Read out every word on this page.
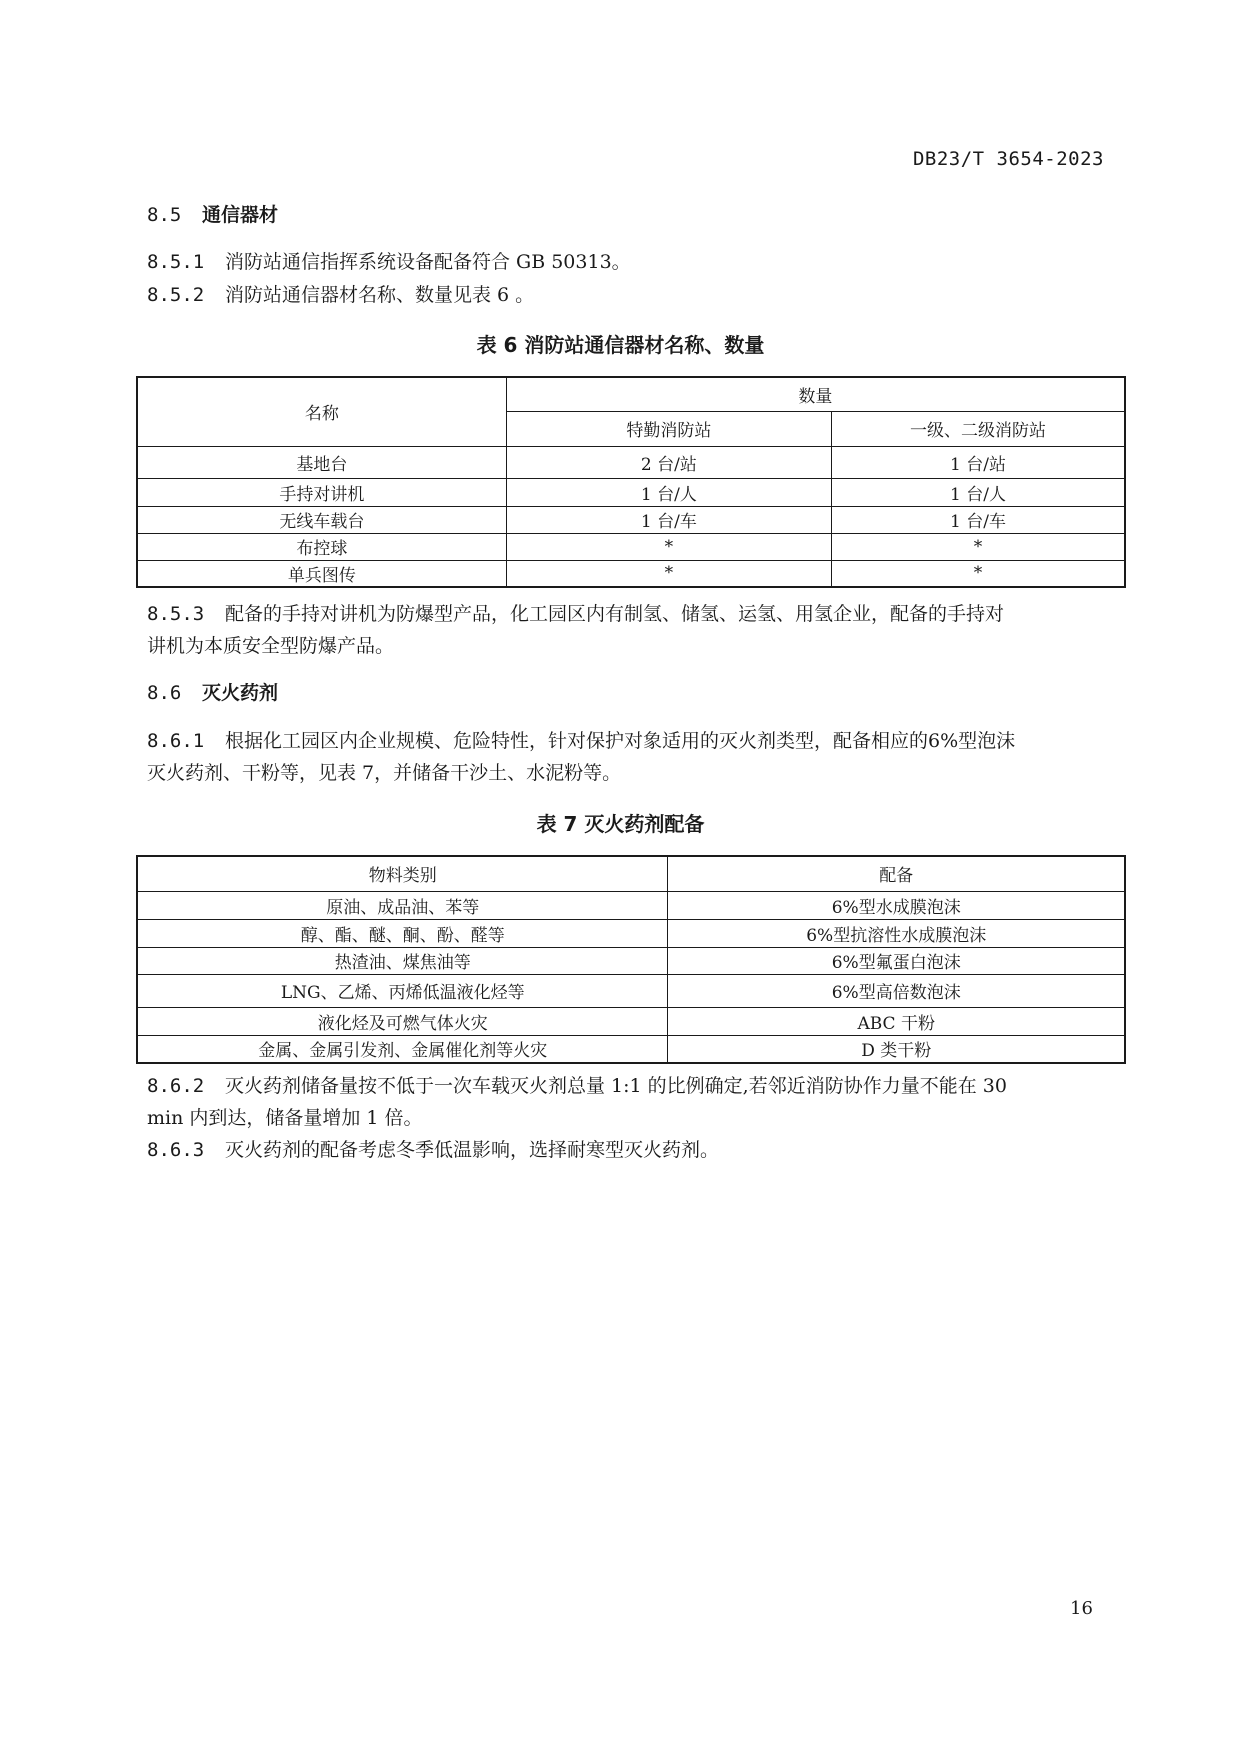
DB23/T 3654-2023
8.5 通信器材
8.5.1 消防站通信指挥系统设备配备符合 GB 50313。
8.5.2 消防站通信器材名称、数量见表 6 。
表 6 消防站通信器材名称、数量
名称	数量	
	特勤消防站	一级、二级消防站
基地台	2 台/站	1 台/站
手持对讲机	1 台/人	1 台/人
无线车载台	1 台/车	1 台/车
布控球	*	*
单兵图传	*	*
8.5.3 配备的手持对讲机为防爆型产品，化工园区内有制氢、储氢、运氢、用氢企业，配备的手持对
讲机为本质安全型防爆产品。
8.6 灭火药剂
8.6.1 根据化工园区内企业规模、危险特性，针对保护对象适用的灭火剂类型，配备相应的6%型泡沫
灭火药剂、干粉等，见表 7，并储备干沙土、水泥粉等。
表 7 灭火药剂配备
物料类别	配备
原油、成品油、苯等	6%型水成膜泡沫
醇、酯、醚、酮、酚、醛等	6%型抗溶性水成膜泡沫
热渣油、煤焦油等	6%型氟蛋白泡沫
LNG、乙烯、丙烯低温液化烃等	6%型高倍数泡沫
液化烃及可燃气体火灾	ABC 干粉
金属、金属引发剂、金属催化剂等火灾	D 类干粉
8.6.2 灭火药剂储备量按不低于一次车载灭火剂总量 1:1 的比例确定,若邻近消防协作力量不能在 30
min 内到达，储备量增加 1 倍。
8.6.3 灭火药剂的配备考虑冬季低温影响，选择耐寒型灭火药剂。
16
